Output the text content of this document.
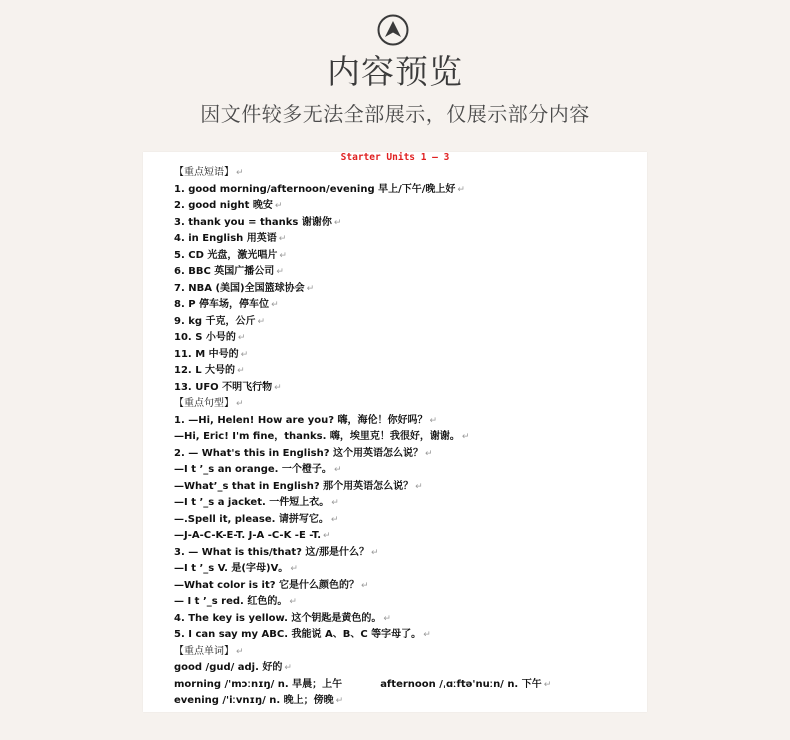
内容预览
因文件较多无法全部展示，仅展示部分内容
Starter Units 1 — 3
【重点短语】 ↵
1. good morning/afternoon/evening 早上/下午/晚上好 ↵
2. good night 晚安 ↵
3. thank you = thanks 谢谢你 ↵
4. in English 用英语 ↵
5. CD 光盘，激光唱片 ↵
6. BBC 英国广播公司 ↵
7. NBA (美国)全国篮球协会 ↵
8. P 停车场，停车位 ↵
9. kg 千克，公斤 ↵
10. S 小号的 ↵
11. M 中号的 ↵
12. L 大号的 ↵
13. UFO 不明飞行物 ↵
【重点句型】 ↵
1. —Hi, Helen! How are you? 嗨，海伦！你好吗？ ↵
—Hi, Eric! I'm fine，thanks. 嗨，埃里克！我很好，谢谢。 ↵
2. — What's this in English? 这个用英语怎么说？ ↵
—I t ’_s an orange. 一个橙子。 ↵
—What’_s that in English? 那个用英语怎么说？ ↵
—I t ’_s a jacket. 一件短上衣。 ↵
—.Spell it, please. 请拼写它。 ↵
—J-A-C-K-E-T. J-A -C-K -E -T. ↵
3. — What is this/that? 这/那是什么？ ↵
—I t ’_s V. 是(字母)V。 ↵
—What color is it? 它是什么颜色的？ ↵
— I t ’_s red. 红色的。 ↵
4. The key is yellow. 这个钥匙是黄色的。 ↵
5. I can say my ABC. 我能说 A、B、C 等字母了。 ↵
【重点单词】 ↵
good /gud/ adj. 好的 ↵
morning /'mɔːnɪŋ/ n. 早晨；上午	afternoon /ˌɑːftə'nuːn/ n. 下午 ↵
evening /'iːvnɪŋ/ n. 晚上；傍晚 ↵
